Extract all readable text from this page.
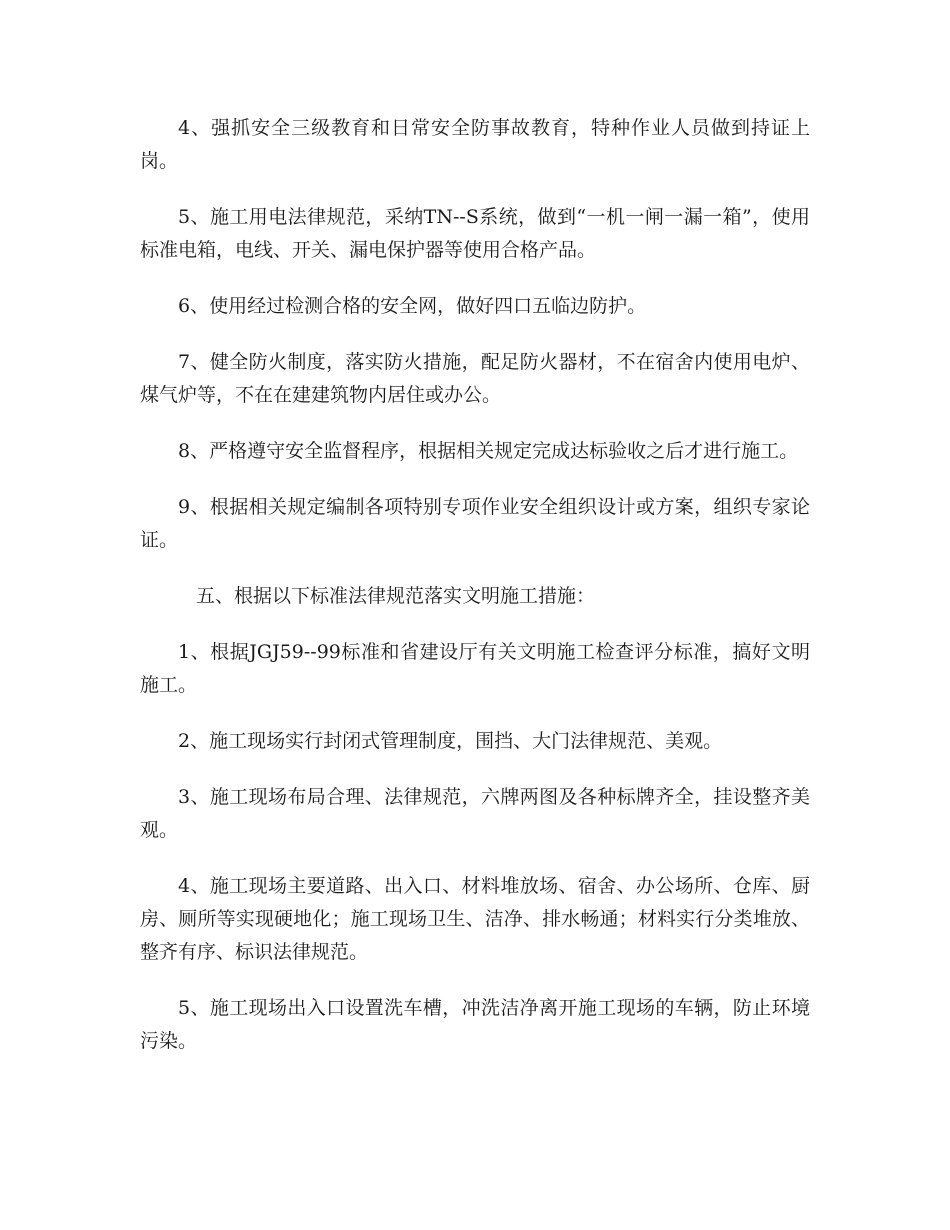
4、强抓安全三级教育和日常安全防事故教育，特种作业人员做到持证上岗。

5、施工用电法律规范，采纳TN--S系统，做到“一机一闸一漏一箱”，使用标准电箱，电线、开关、漏电保护器等使用合格产品。

6、使用经过检测合格的安全网，做好四口五临边防护。

7、健全防火制度，落实防火措施，配足防火器材，不在宿舍内使用电炉、煤气炉等，不在在建建筑物内居住或办公。

8、严格遵守安全监督程序，根据相关规定完成达标验收之后才进行施工。

9、根据相关规定编制各项特别专项作业安全组织设计或方案，组织专家论证。

五、根据以下标准法律规范落实文明施工措施：

1、根据JGJ59--99标准和省建设厅有关文明施工检查评分标准，搞好文明施工。

2、施工现场实行封闭式管理制度，围挡、大门法律规范、美观。

3、施工现场布局合理、法律规范，六牌两图及各种标牌齐全，挂设整齐美观。

4、施工现场主要道路、出入口、材料堆放场、宿舍、办公场所、仓库、厨房、厕所等实现硬地化；施工现场卫生、洁净、排水畅通；材料实行分类堆放、整齐有序、标识法律规范。

5、施工现场出入口设置洗车槽，冲洗洁净离开施工现场的车辆，防止环境污染。
